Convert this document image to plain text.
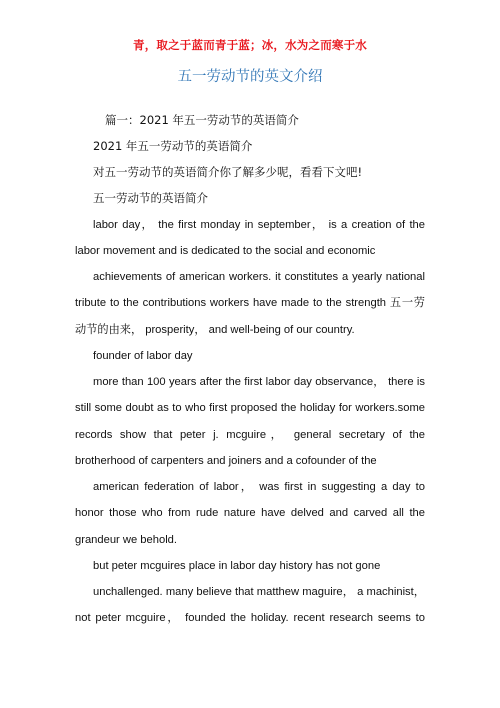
青，取之于蓝而青于蓝；冰，水为之而寒于水
五一劳动节的英文介绍
篇一：2021 年五一劳动节的英语简介
2021 年五一劳动节的英语简介
对五一劳动节的英语简介你了解多少呢，看看下文吧!
五一劳动节的英语简介
labor day， the first monday in september， is a creation of the
labor movement and is dedicated to the social and economic
achievements of american workers. it constitutes a yearly national
tribute to the contributions workers have made to the strength 五一劳
动节的由来， prosperity， and well-being of our country.
founder of labor day
more than 100 years after the first labor day observance， there is
still some doubt as to who first proposed the holiday for workers.some
records show that peter j. mcguire， general secretary of the
brotherhood of carpenters and joiners and a cofounder of the
american federation of labor， was first in suggesting a day to
honor those who from rude nature have delved and carved all the
grandeur we behold.
but peter mcguires place in labor day history has not gone
unchallenged. many believe that matthew maguire， a machinist，
not peter mcguire， founded the holiday. recent research seems to
